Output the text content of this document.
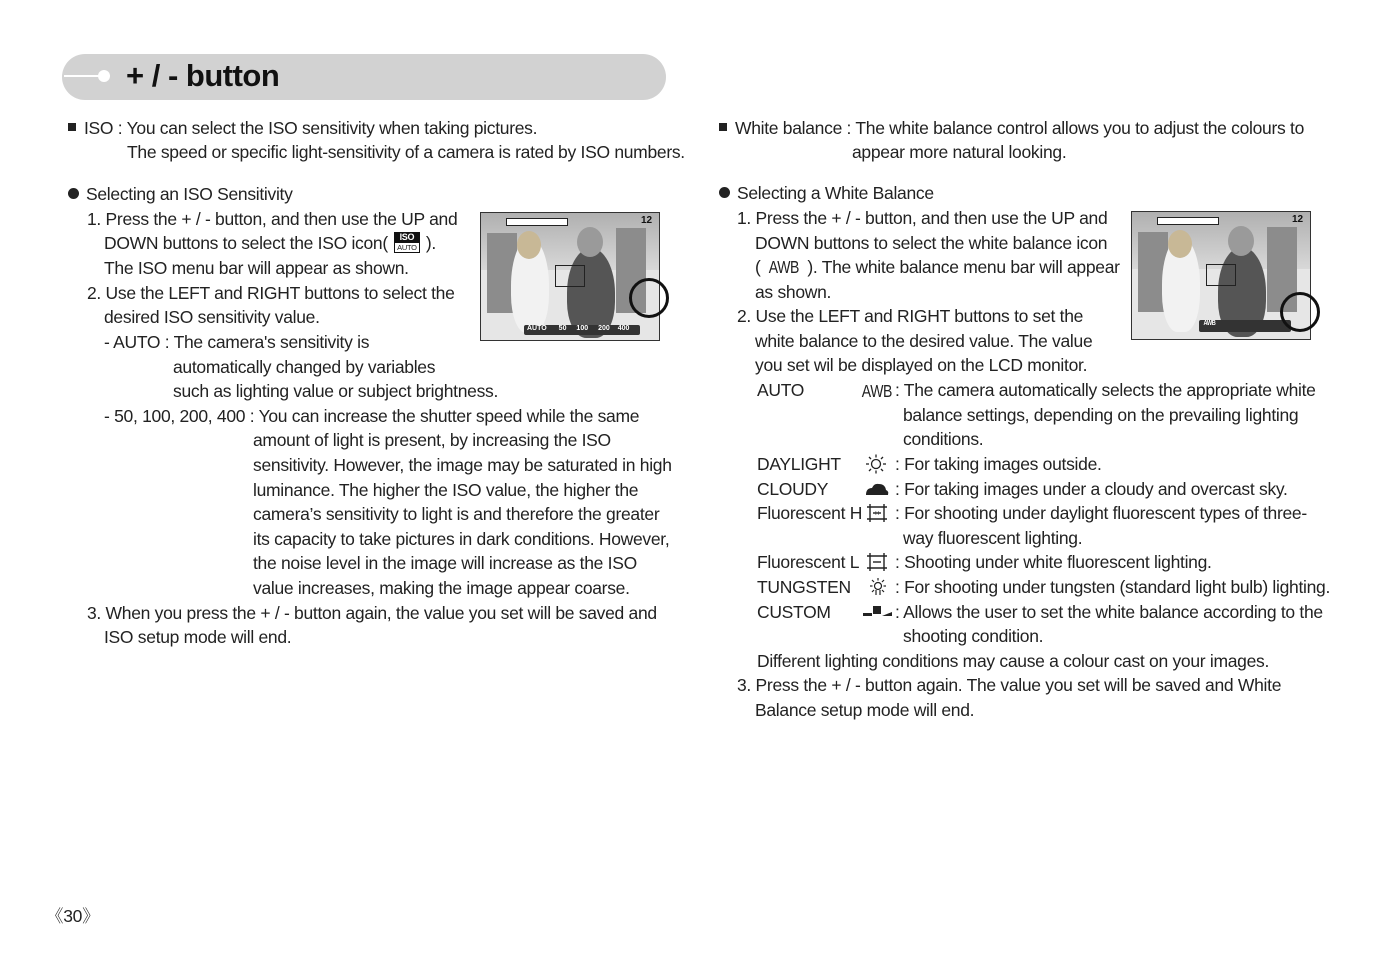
+ / - button
ISO : You can select the ISO sensitivity when taking pictures.
The speed or specific light-sensitivity of a camera is rated by ISO numbers.
Selecting an ISO Sensitivity
1. Press the + / - button, and then use the UP and
DOWN buttons to select the ISO icon(	ISO
AUTO ).
The ISO menu bar will appear as shown.
2. Use the LEFT and RIGHT buttons to select the
desired ISO sensitivity value.
- AUTO : The camera's sensitivity is
automatically changed by variables
such as lighting value or subject brightness.
- 50, 100, 200, 400 : You can increase the shutter speed while the same
amount of light is present, by increasing the ISO
sensitivity. However, the image may be saturated in high
luminance. The higher the ISO value, the higher the
camera’s sensitivity to light is and therefore the greater
its capacity to take pictures in dark conditions. However,
the noise level in the image will increase as the ISO
value increases, making the image appear coarse.
3. When you press the + / - button again, the value you set will be saved and
ISO setup mode will end.
12
AUTO 50 100 200 400
White balance : The white balance control allows you to adjust the colours to
appear more natural looking.
Selecting a White Balance
1. Press the + / - button, and then use the UP and
DOWN buttons to select the white balance icon
( AWB ). The white balance menu bar will appear
as shown.
2. Use the LEFT and RIGHT buttons to set the
white balance to the desired value. The value
you set wil be displayed on the LCD monitor.
AUTO	AWB : The camera automatically selects the appropriate white
balance settings, depending on the prevailing lighting
conditions.
DAYLIGHT	: For taking images outside.
CLOUDY	: For taking images under a cloudy and overcast sky.
Fluorescent H	H : For shooting under daylight fluorescent types of three-
way fluorescent lighting.
Fluorescent L : Shooting under white fluorescent lighting.
TUNGSTEN	: For shooting under tungsten (standard light bulb) lighting.
CUSTOM	: Allows the user to set the white balance according to the
shooting condition.
Different lighting conditions may cause a colour cast on your images.
3. Press the + / - button again. The value you set will be saved and White
Balance setup mode will end.
12
AWB
《30》
